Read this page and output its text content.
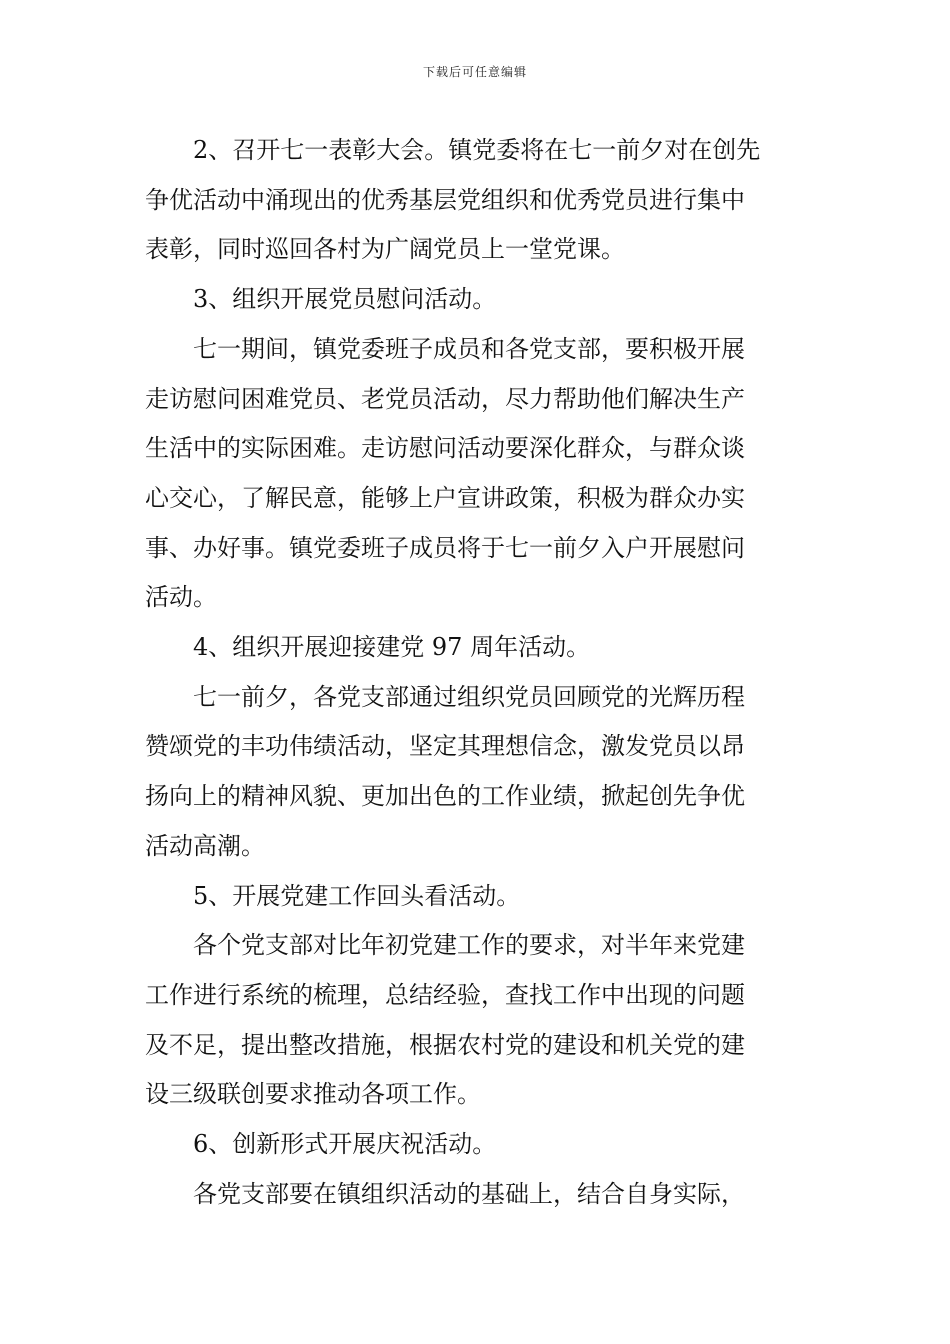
下载后可任意编辑

2、召开七一表彰大会。镇党委将在七一前夕对在创先
争优活动中涌现出的优秀基层党组织和优秀党员进行集中
表彰，同时巡回各村为广阔党员上一堂党课。

3、组织开展党员慰问活动。

七一期间，镇党委班子成员和各党支部，要积极开展
走访慰问困难党员、老党员活动，尽力帮助他们解决生产
生活中的实际困难。走访慰问活动要深化群众，与群众谈
心交心，了解民意，能够上户宣讲政策，积极为群众办实
事、办好事。镇党委班子成员将于七一前夕入户开展慰问
活动。

4、组织开展迎接建党 97 周年活动。

七一前夕，各党支部通过组织党员回顾党的光辉历程
赞颂党的丰功伟绩活动，坚定其理想信念，激发党员以昂
扬向上的精神风貌、更加出色的工作业绩，掀起创先争优
活动高潮。

5、开展党建工作回头看活动。

各个党支部对比年初党建工作的要求，对半年来党建
工作进行系统的梳理，总结经验，查找工作中出现的问题
及不足，提出整改措施，根据农村党的建设和机关党的建
设三级联创要求推动各项工作。

6、创新形式开展庆祝活动。

各党支部要在镇组织活动的基础上，结合自身实际，
